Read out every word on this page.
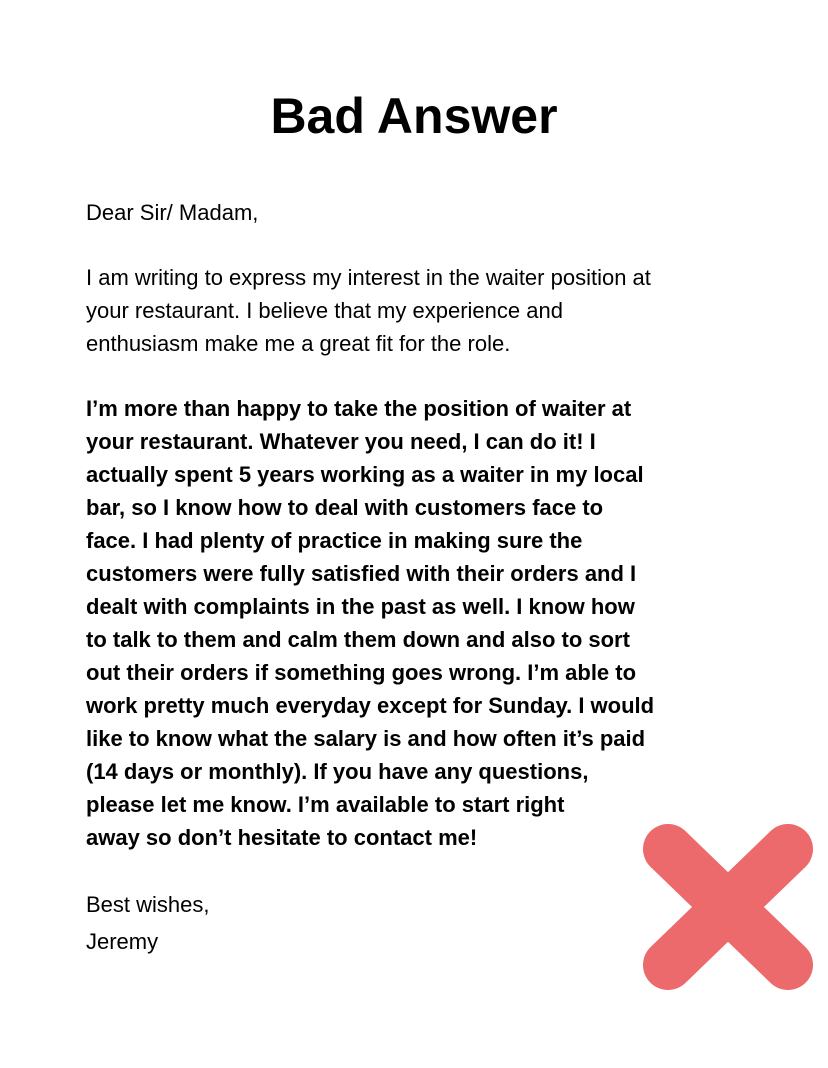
Bad Answer

Dear Sir/ Madam,

I am writing to express my interest in the waiter position at
your restaurant. I believe that my experience and
enthusiasm make me a great fit for the role.

I’m more than happy to take the position of waiter at
your restaurant. Whatever you need, I can do it! I
actually spent 5 years working as a waiter in my local
bar, so I know how to deal with customers face to
face. I had plenty of practice in making sure the
customers were fully satisfied with their orders and I
dealt with complaints in the past as well. I know how
to talk to them and calm them down and also to sort
out their orders if something goes wrong. I’m able to
work pretty much everyday except for Sunday. I would
like to know what the salary is and how often it’s paid
(14 days or monthly). If you have any questions,
please let me know. I’m available to start right
away so don’t hesitate to contact me!

Best wishes,
Jeremy
